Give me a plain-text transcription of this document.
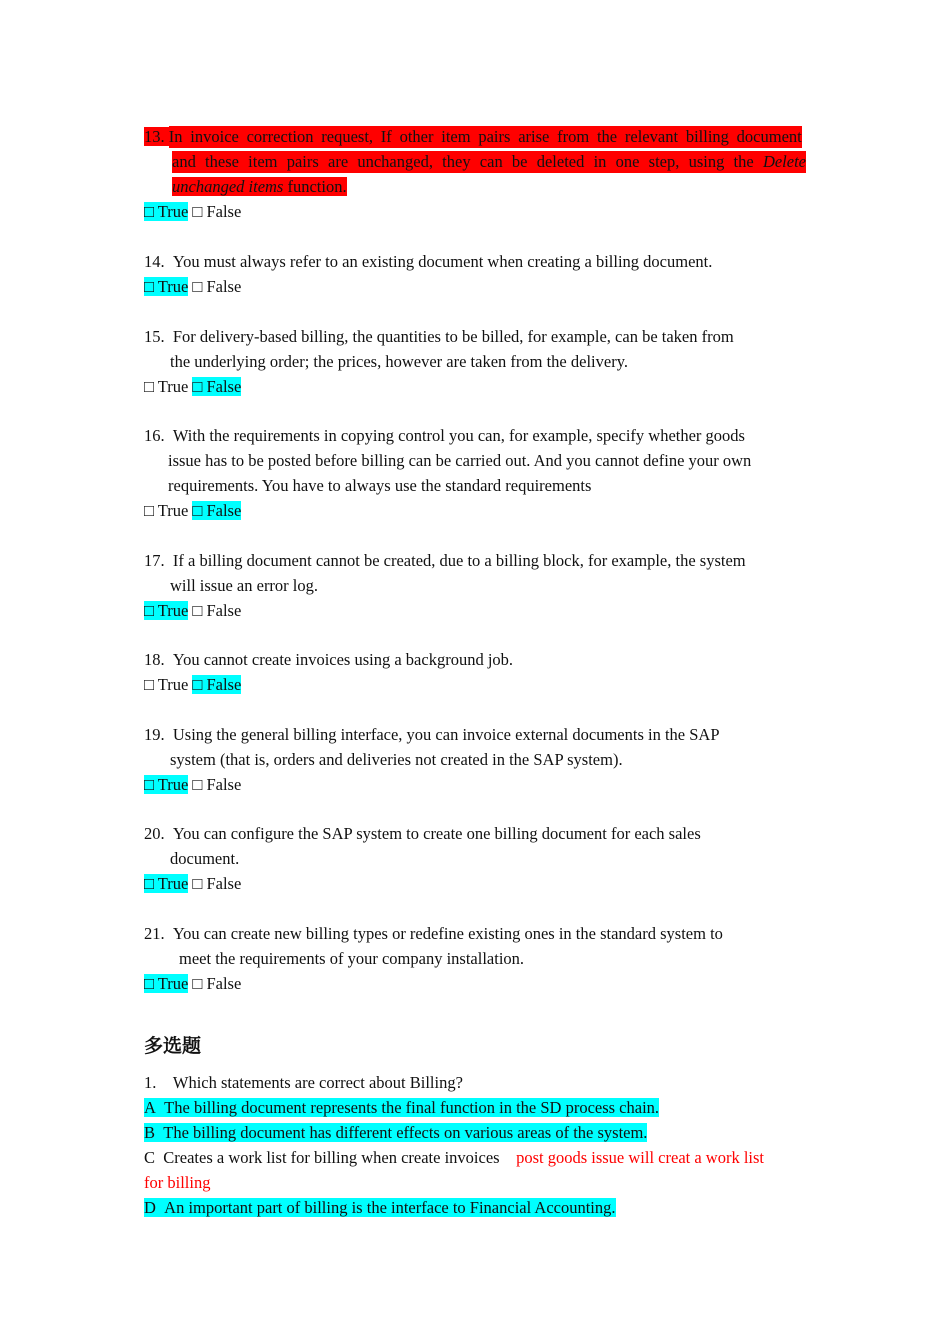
13. In invoice correction request, If other item pairs arise from the relevant billing document
and these item pairs are unchanged, they can be deleted in one step, using the Delete
unchanged items function.
□ True □ False
14. You must always refer to an existing document when creating a billing document.
□ True □ False
15. For delivery-based billing, the quantities to be billed, for example, can be taken from
the underlying order; the prices, however are taken from the delivery.
□ True □ False
16. With the requirements in copying control you can, for example, specify whether goods
issue has to be posted before billing can be carried out. And you cannot define your own
requirements. You have to always use the standard requirements
□ True □ False
17. If a billing document cannot be created, due to a billing block, for example, the system
will issue an error log.
□ True □ False
18. You cannot create invoices using a background job.
□ True □ False
19. Using the general billing interface, you can invoice external documents in the SAP
system (that is, orders and deliveries not created in the SAP system).
□ True □ False
20. You can configure the SAP system to create one billing document for each sales
document.
□ True □ False
21. You can create new billing types or redefine existing ones in the standard system to
meet the requirements of your company installation.
□ True □ False
多选题
1. Which statements are correct about Billing?
A The billing document represents the final function in the SD process chain.
B The billing document has different effects on various areas of the system.
C Creates a work list for billing when create invoices post goods issue will creat a work list
for billing
D An important part of billing is the interface to Financial Accounting.
